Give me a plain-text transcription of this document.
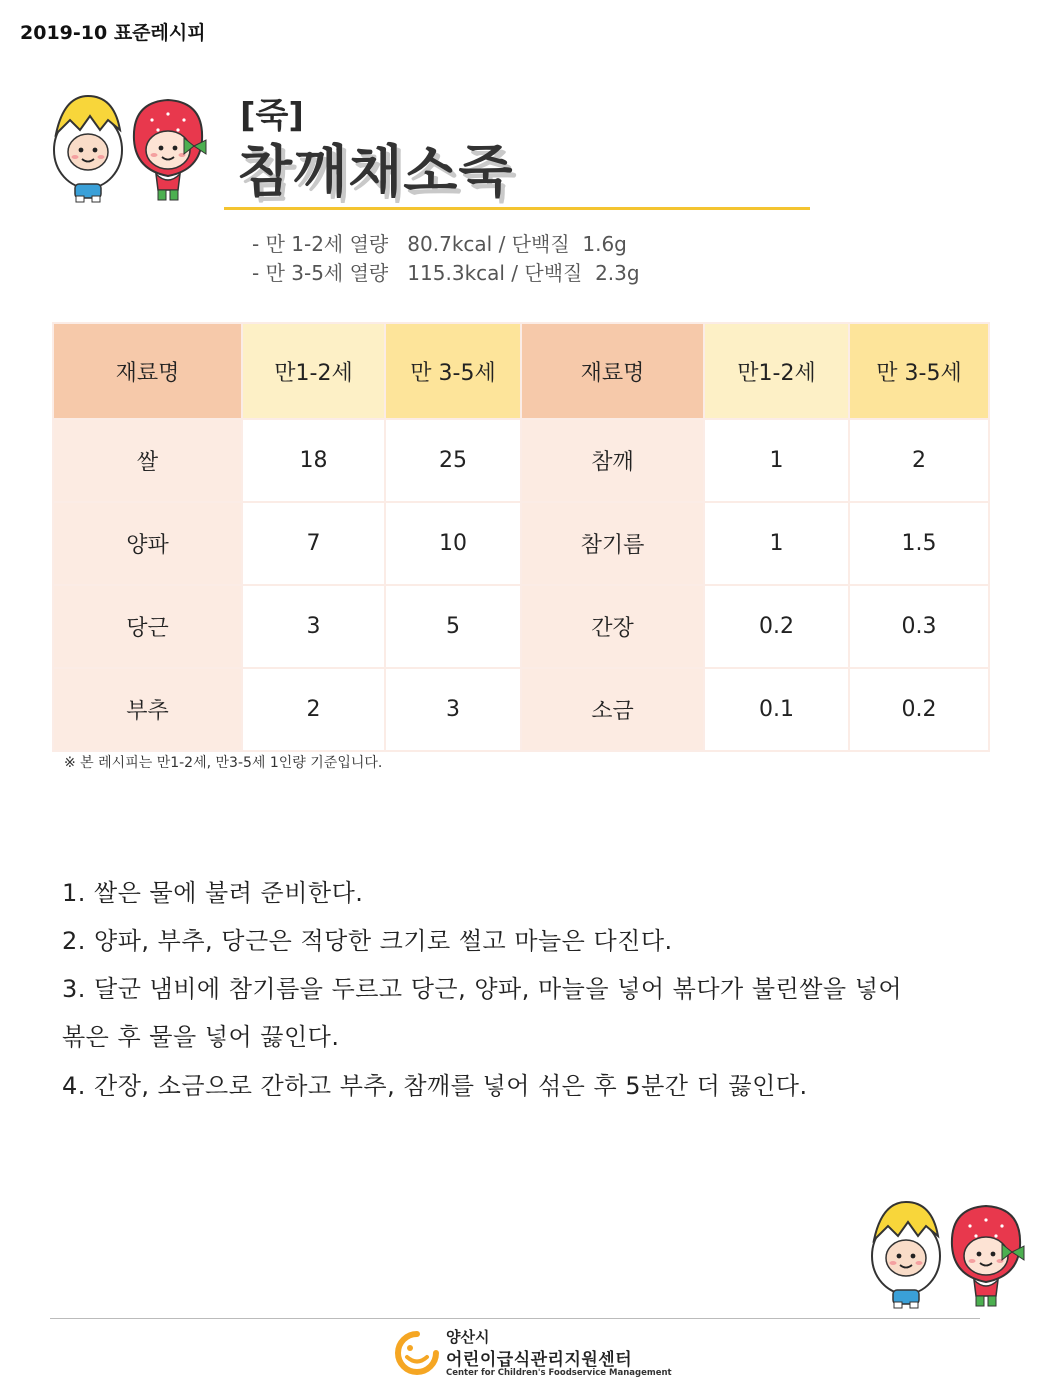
2019-10 표준레시피
[죽]
참깨채소죽
- 만 1-2세 열량   80.7kcal / 단백질  1.6g
- 만 3-5세 열량   115.3kcal / 단백질  2.3g
재료명	만1-2세	만 3-5세	재료명	만1-2세	만 3-5세
쌀	18	25	참깨	1	2
양파	7	10	참기름	1	1.5
당근	3	5	간장	0.2	0.3
부추	2	3	소금	0.1	0.2
※ 본 레시피는 만1-2세, 만3-5세 1인량 기준입니다.
1. 쌀은 물에 불려 준비한다.
2. 양파, 부추, 당근은 적당한 크기로 썰고 마늘은 다진다.
3. 달군 냄비에 참기름을 두르고 당근, 양파, 마늘을 넣어 볶다가 불린쌀을 넣어
볶은 후 물을 넣어 끓인다.
4. 간장, 소금으로 간하고 부추, 참깨를 넣어 섞은 후 5분간 더 끓인다.
양산시
어린이급식관리지원센터
Center for Children's Foodservice Management
